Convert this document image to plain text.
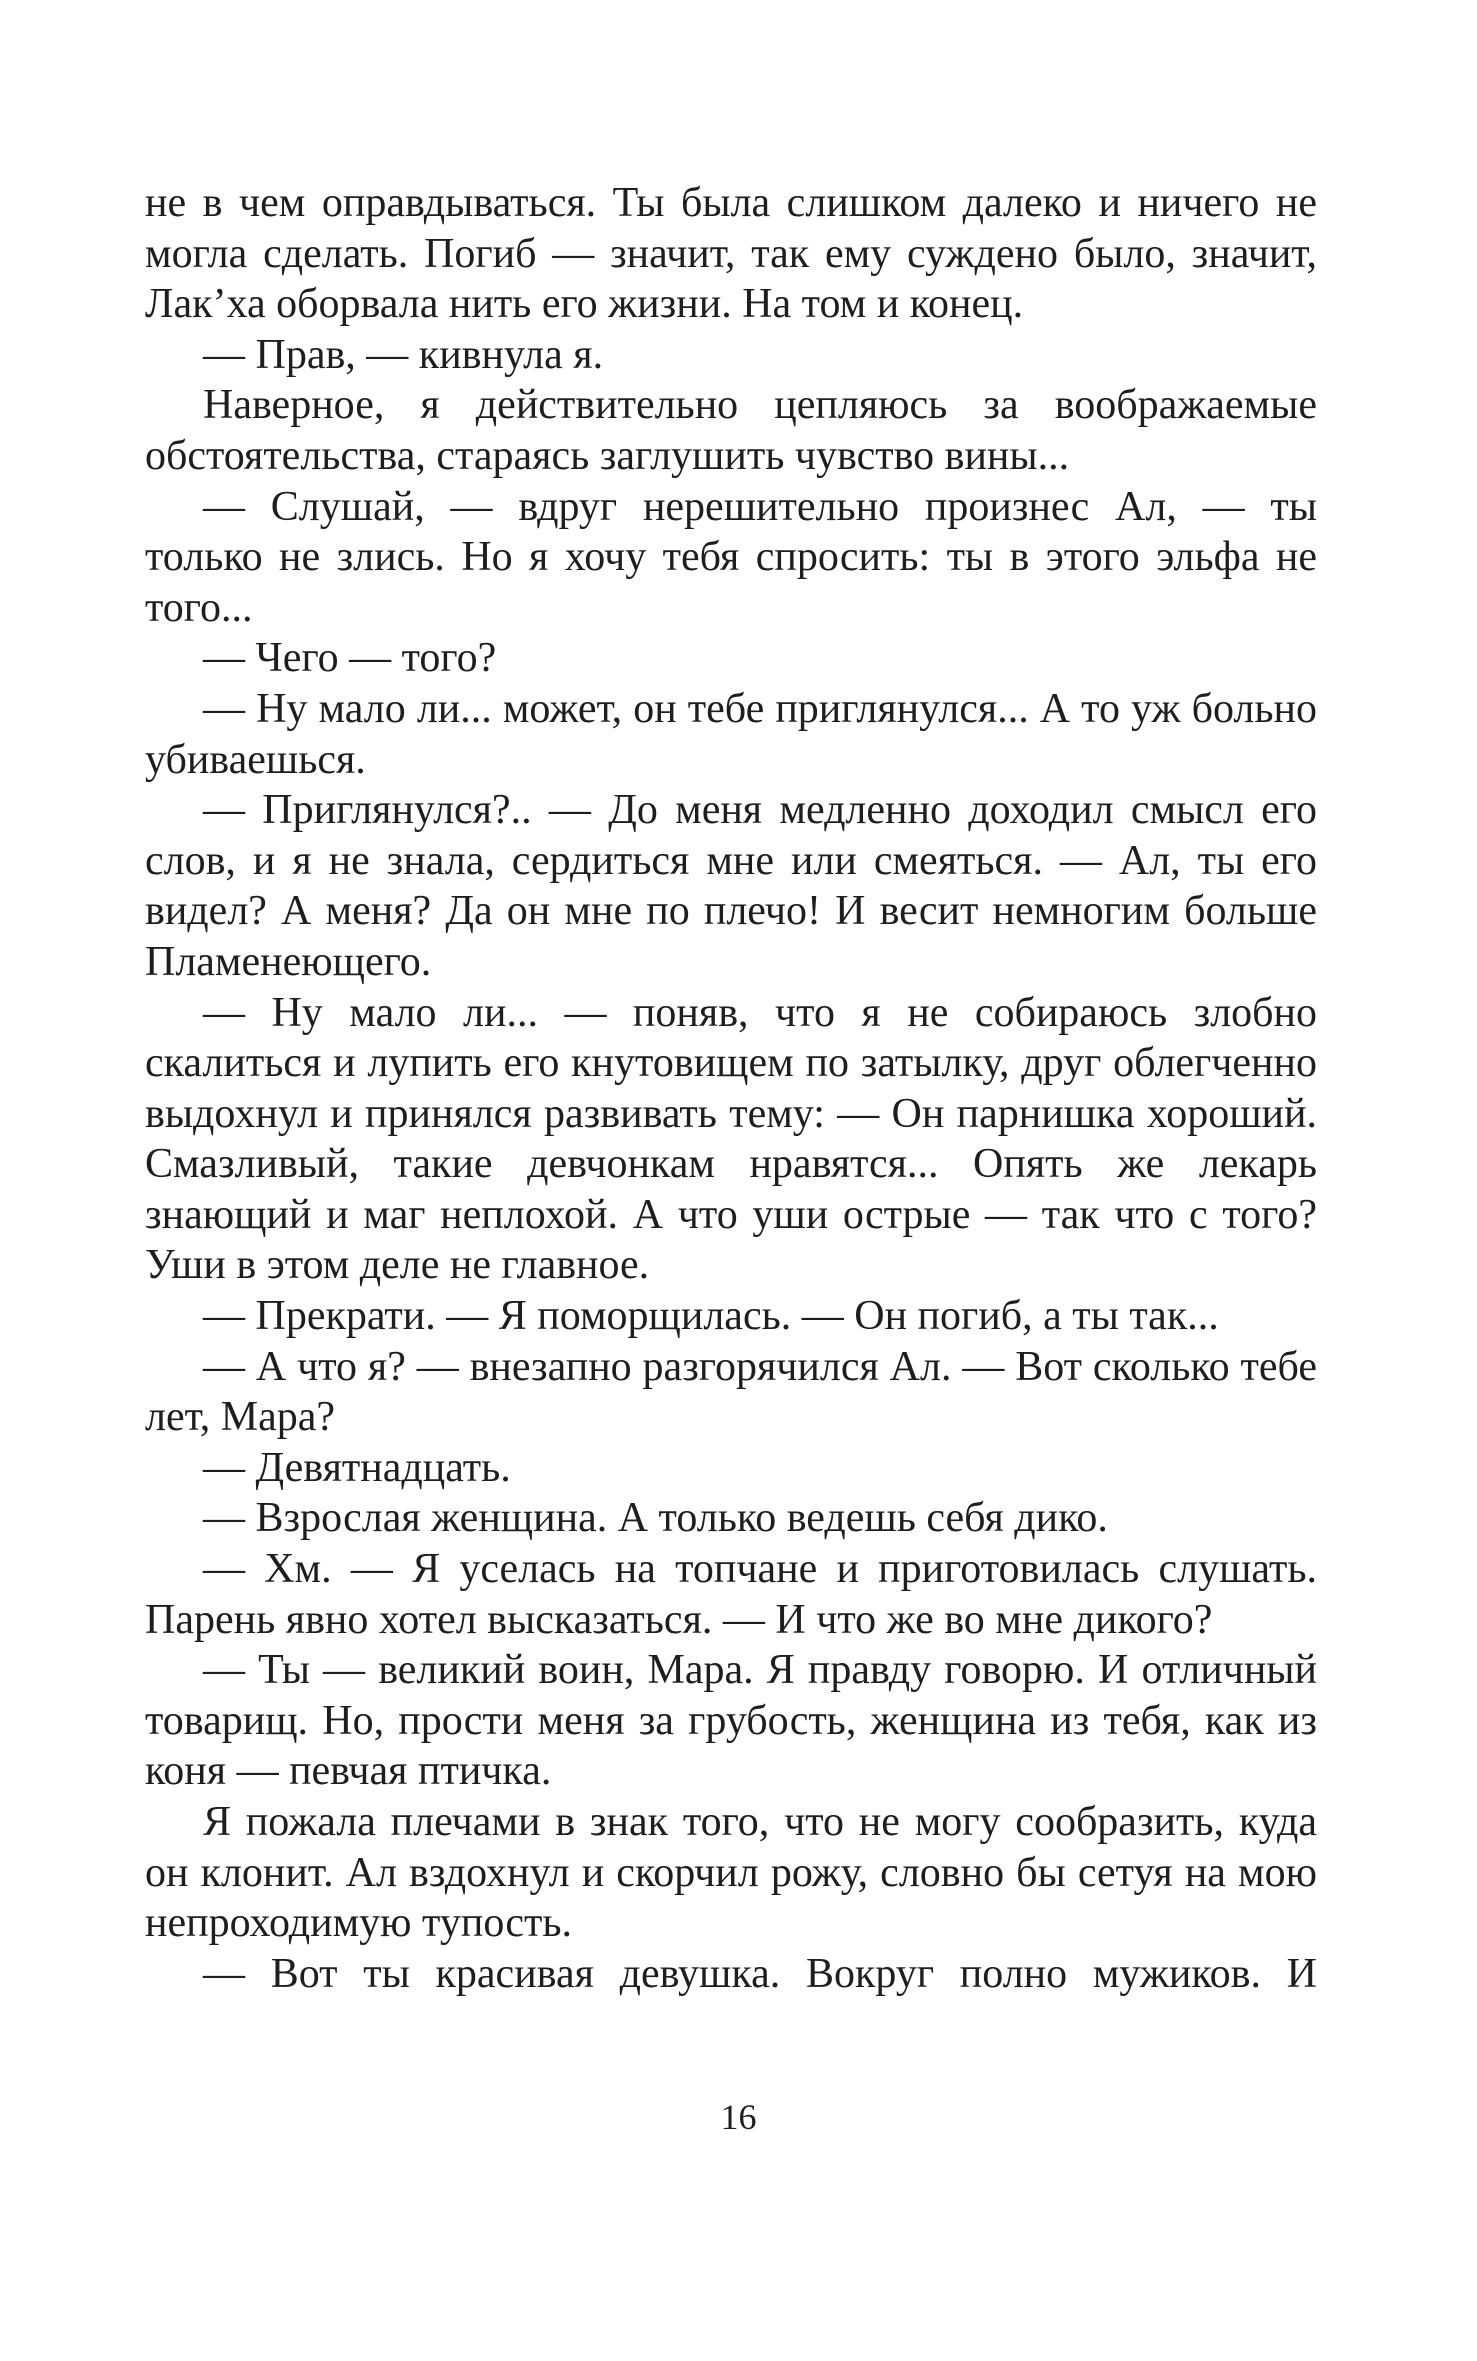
не в чем оправдываться. Ты была слишком далеко и ничего не могла сделать. Погиб — значит, так ему суждено было, значит, Лак’ха оборвала нить его жизни. На том и конец.

— Прав, — кивнула я.

Наверное, я действительно цепляюсь за воображаемые обстоятельства, стараясь заглушить чувство вины...

— Слушай, — вдруг нерешительно произнес Ал, — ты только не злись. Но я хочу тебя спросить: ты в этого эльфа не того...

— Чего — того?

— Ну мало ли... может, он тебе приглянулся... А то уж больно убиваешься.

— Приглянулся?.. — До меня медленно доходил смысл его слов, и я не знала, сердиться мне или смеяться. — Ал, ты его видел? А меня? Да он мне по плечо! И весит немногим больше Пламенеющего.

— Ну мало ли... — поняв, что я не собираюсь злобно скалиться и лупить его кнутовищем по затылку, друг облегченно выдохнул и принялся развивать тему: — Он парнишка хороший. Смазливый, такие девчонкам нравятся... Опять же лекарь знающий и маг неплохой. А что уши острые — так что с того? Уши в этом деле не главное.

— Прекрати. — Я поморщилась. — Он погиб, а ты так...

— А что я? — внезапно разгорячился Ал. — Вот сколько тебе лет, Мара?

— Девятнадцать.

— Взрослая женщина. А только ведешь себя дико.

— Хм. — Я уселась на топчане и приготовилась слушать. Парень явно хотел высказаться. — И что же во мне дикого?

— Ты — великий воин, Мара. Я правду говорю. И отличный товарищ. Но, прости меня за грубость, женщина из тебя, как из коня — певчая птичка.

Я пожала плечами в знак того, что не могу сообразить, куда он клонит. Ал вздохнул и скорчил рожу, словно бы сетуя на мою непроходимую тупость.

— Вот ты красивая девушка. Вокруг полно мужиков. И

16
